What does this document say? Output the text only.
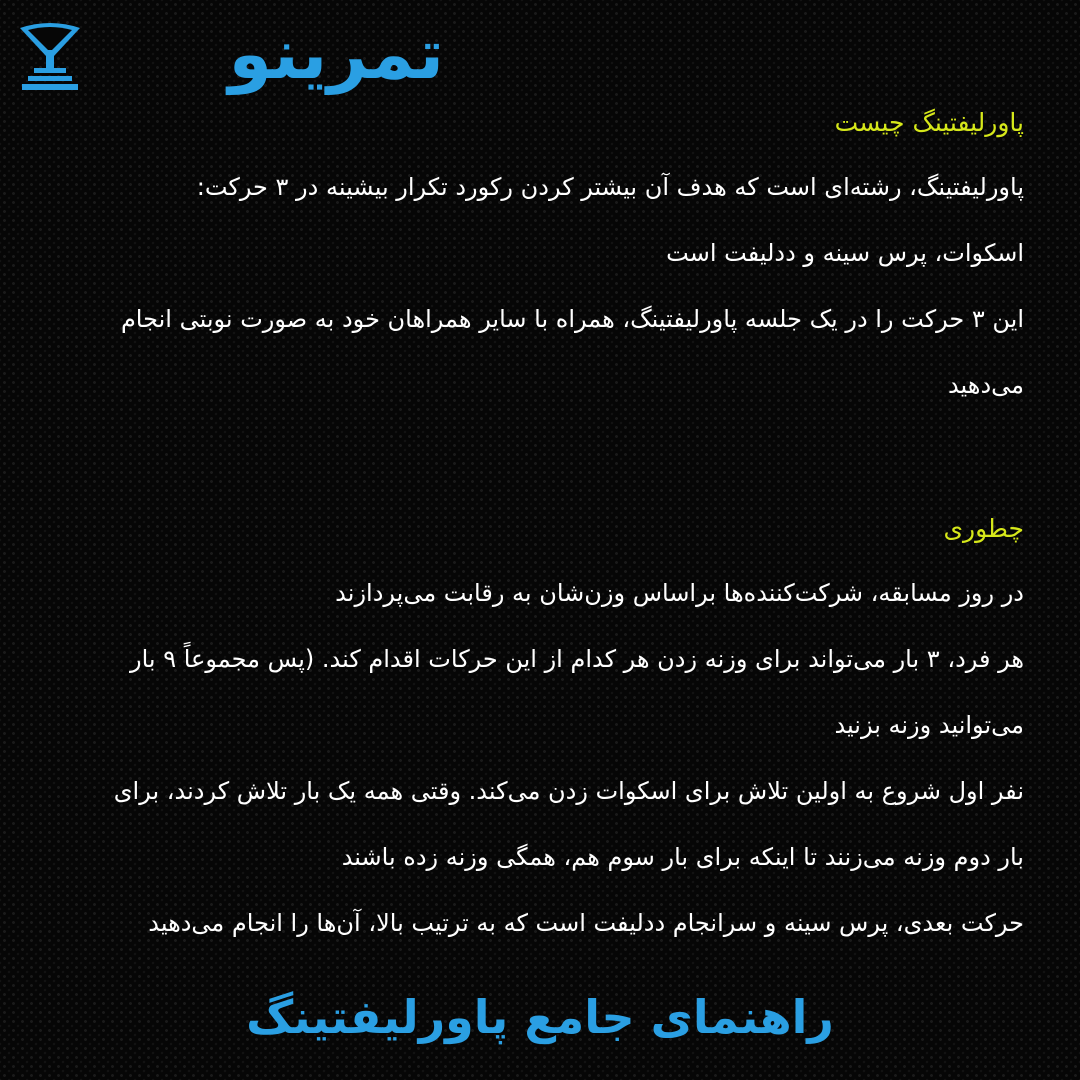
تمرینو

پاورلیفتینگ چیست

پاورلیفتینگ، رشته‌ای است که هدف آن بیشتر کردن رکورد تکرار بیشینه در ۳ حرکت:

اسکوات، پرس سینه و ددلیفت است

این ۳ حرکت را در یک جلسه پاورلیفتینگ، همراه با سایر همراهان خود به صورت نوبتی انجام

می‌دهید

چطوری

در روز مسابقه، شرکت‌کننده‌ها براساس وزن‌شان به رقابت می‌پردازند

هر فرد، ۳ بار می‌تواند برای وزنه زدن هر کدام از این حرکات اقدام کند. (پس مجموعاً ۹ بار

می‌توانید وزنه بزنید

نفر اول شروع به اولین تلاش برای اسکوات زدن می‌کند. وقتی همه یک بار تلاش کردند، برای

بار دوم وزنه می‌زنند تا اینکه برای بار سوم هم، همگی وزنه زده باشند

حرکت بعدی، پرس سینه و سرانجام ددلیفت است که به ترتیب بالا، آن‌ها را انجام می‌دهید

راهنمای جامع پاورلیفتینگ
